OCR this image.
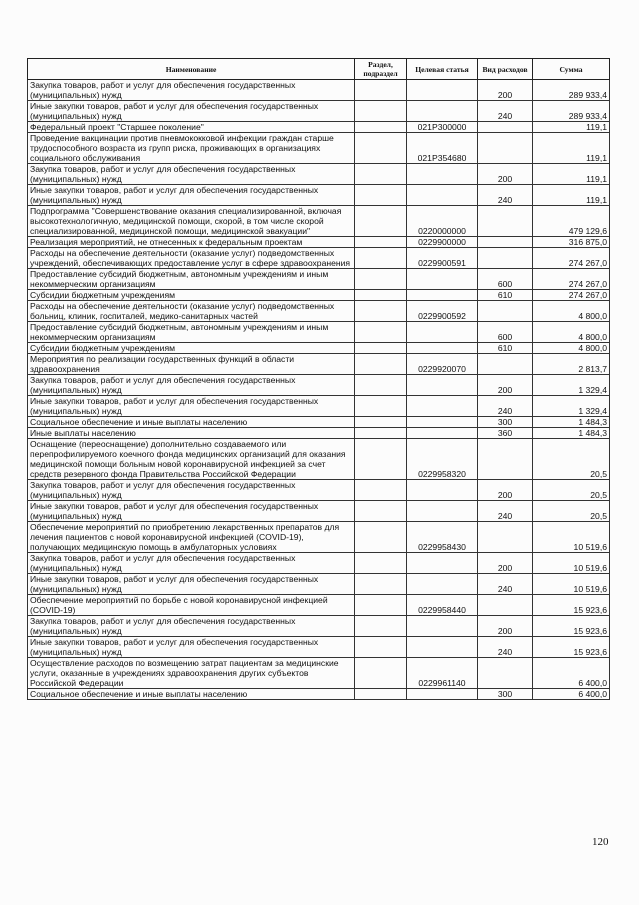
Наименование	Раздел, подраздел	Целевая статья	Вид расходов	Сумма
Закупка товаров, работ и услуг для обеспечения государственных (муниципальных) нужд			200	289 933,4
Иные закупки товаров, работ и услуг для обеспечения государственных (муниципальных) нужд			240	289 933,4
Федеральный проект "Старшее поколение"		021P300000		119,1
Проведение вакцинации против пневмококковой инфекции граждан старше трудоспособного возраста из групп риска, проживающих в организациях социального обслуживания		021P354680		119,1
Закупка товаров, работ и услуг для обеспечения государственных (муниципальных) нужд			200	119,1
Иные закупки товаров, работ и услуг для обеспечения государственных (муниципальных) нужд			240	119,1
Подпрограмма "Совершенствование оказания специализированной, включая высокотехнологичную, медицинской помощи, скорой, в том числе скорой специализированной, медицинской помощи, медицинской эвакуации"		0220000000		479 129,6
Реализация мероприятий, не отнесенных к федеральным проектам		0229900000		316 875,0
Расходы на обеспечение деятельности (оказание услуг) подведомственных учреждений, обеспечивающих предоставление услуг в сфере здравоохранения		0229900591		274 267,0
Предоставление субсидий бюджетным, автономным учреждениям и иным некоммерческим организациям			600	274 267,0
Субсидии бюджетным учреждениям			610	274 267,0
Расходы на обеспечение деятельности (оказание услуг) подведомственных больниц, клиник, госпиталей, медико-санитарных частей		0229900592		4 800,0
Предоставление субсидий бюджетным, автономным учреждениям и иным некоммерческим организациям			600	4 800,0
Субсидии бюджетным учреждениям			610	4 800,0
Мероприятия по реализации государственных функций в области здравоохранения		0229920070		2 813,7
Закупка товаров, работ и услуг для обеспечения государственных (муниципальных) нужд			200	1 329,4
Иные закупки товаров, работ и услуг для обеспечения государственных (муниципальных) нужд			240	1 329,4
Социальное обеспечение и иные выплаты населению			300	1 484,3
Иные выплаты населению			360	1 484,3
Оснащение (переоснащение) дополнительно создаваемого или перепрофилируемого коечного фонда медицинских организаций для оказания медицинской помощи больным новой коронавирусной инфекцией за счет средств резервного фонда Правительства Российской Федерации		0229958320		20,5
Закупка товаров, работ и услуг для обеспечения государственных (муниципальных) нужд			200	20,5
Иные закупки товаров, работ и услуг для обеспечения государственных (муниципальных) нужд			240	20,5
Обеспечение мероприятий по приобретению лекарственных препаратов для лечения пациентов с новой коронавирусной инфекцией (COVID-19), получающих медицинскую помощь в амбулаторных условиях		0229958430		10 519,6
Закупка товаров, работ и услуг для обеспечения государственных (муниципальных) нужд			200	10 519,6
Иные закупки товаров, работ и услуг для обеспечения государственных (муниципальных) нужд			240	10 519,6
Обеспечение мероприятий по борьбе с новой коронавирусной инфекцией (COVID-19)		0229958440		15 923,6
Закупка товаров, работ и услуг для обеспечения государственных (муниципальных) нужд			200	15 923,6
Иные закупки товаров, работ и услуг для обеспечения государственных (муниципальных) нужд			240	15 923,6
Осуществление расходов по возмещению затрат пациентам за медицинские услуги, оказанные в учреждениях здравоохранения других субъектов Российской Федерации		0229961140		6 400,0
Социальное обеспечение и иные выплаты населению			300	6 400,0
120
